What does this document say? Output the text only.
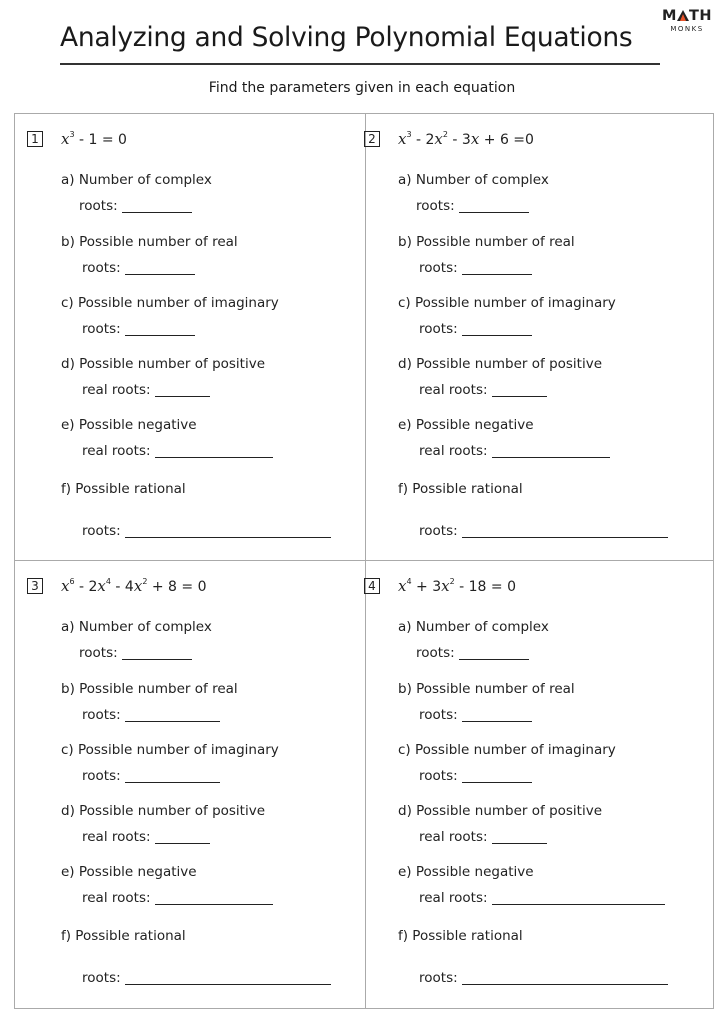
Analyzing and Solving Polynomial Equations
M TH
MONKS
Find the parameters given in each equation
1 $x^3 - 1 = 0$
a) Number of complex
roots:
b) Possible number of real
roots:
c) Possible number of imaginary
roots:
d) Possible number of positive
real roots:
e) Possible negative
real roots:
f) Possible rational
roots:
2 $x^3 - 2x^2 - 3x + 6 =0$
a) Number of complex
roots:
b) Possible number of real
roots:
c) Possible number of imaginary
roots:
d) Possible number of positive
real roots:
e) Possible negative
real roots:
f) Possible rational
roots:
3 $x^6 - 2x^4 - 4x^2 + 8 = 0$
a) Number of complex
roots:
b) Possible number of real
roots:
c) Possible number of imaginary
roots:
d) Possible number of positive
real roots:
e) Possible negative
real roots:
f) Possible rational
roots:
4 $x^4 + 3x^2 - 18 = 0$
a) Number of complex
roots:
b) Possible number of real
roots:
c) Possible number of imaginary
roots:
d) Possible number of positive
real roots:
e) Possible negative
real roots:
f) Possible rational
roots:
